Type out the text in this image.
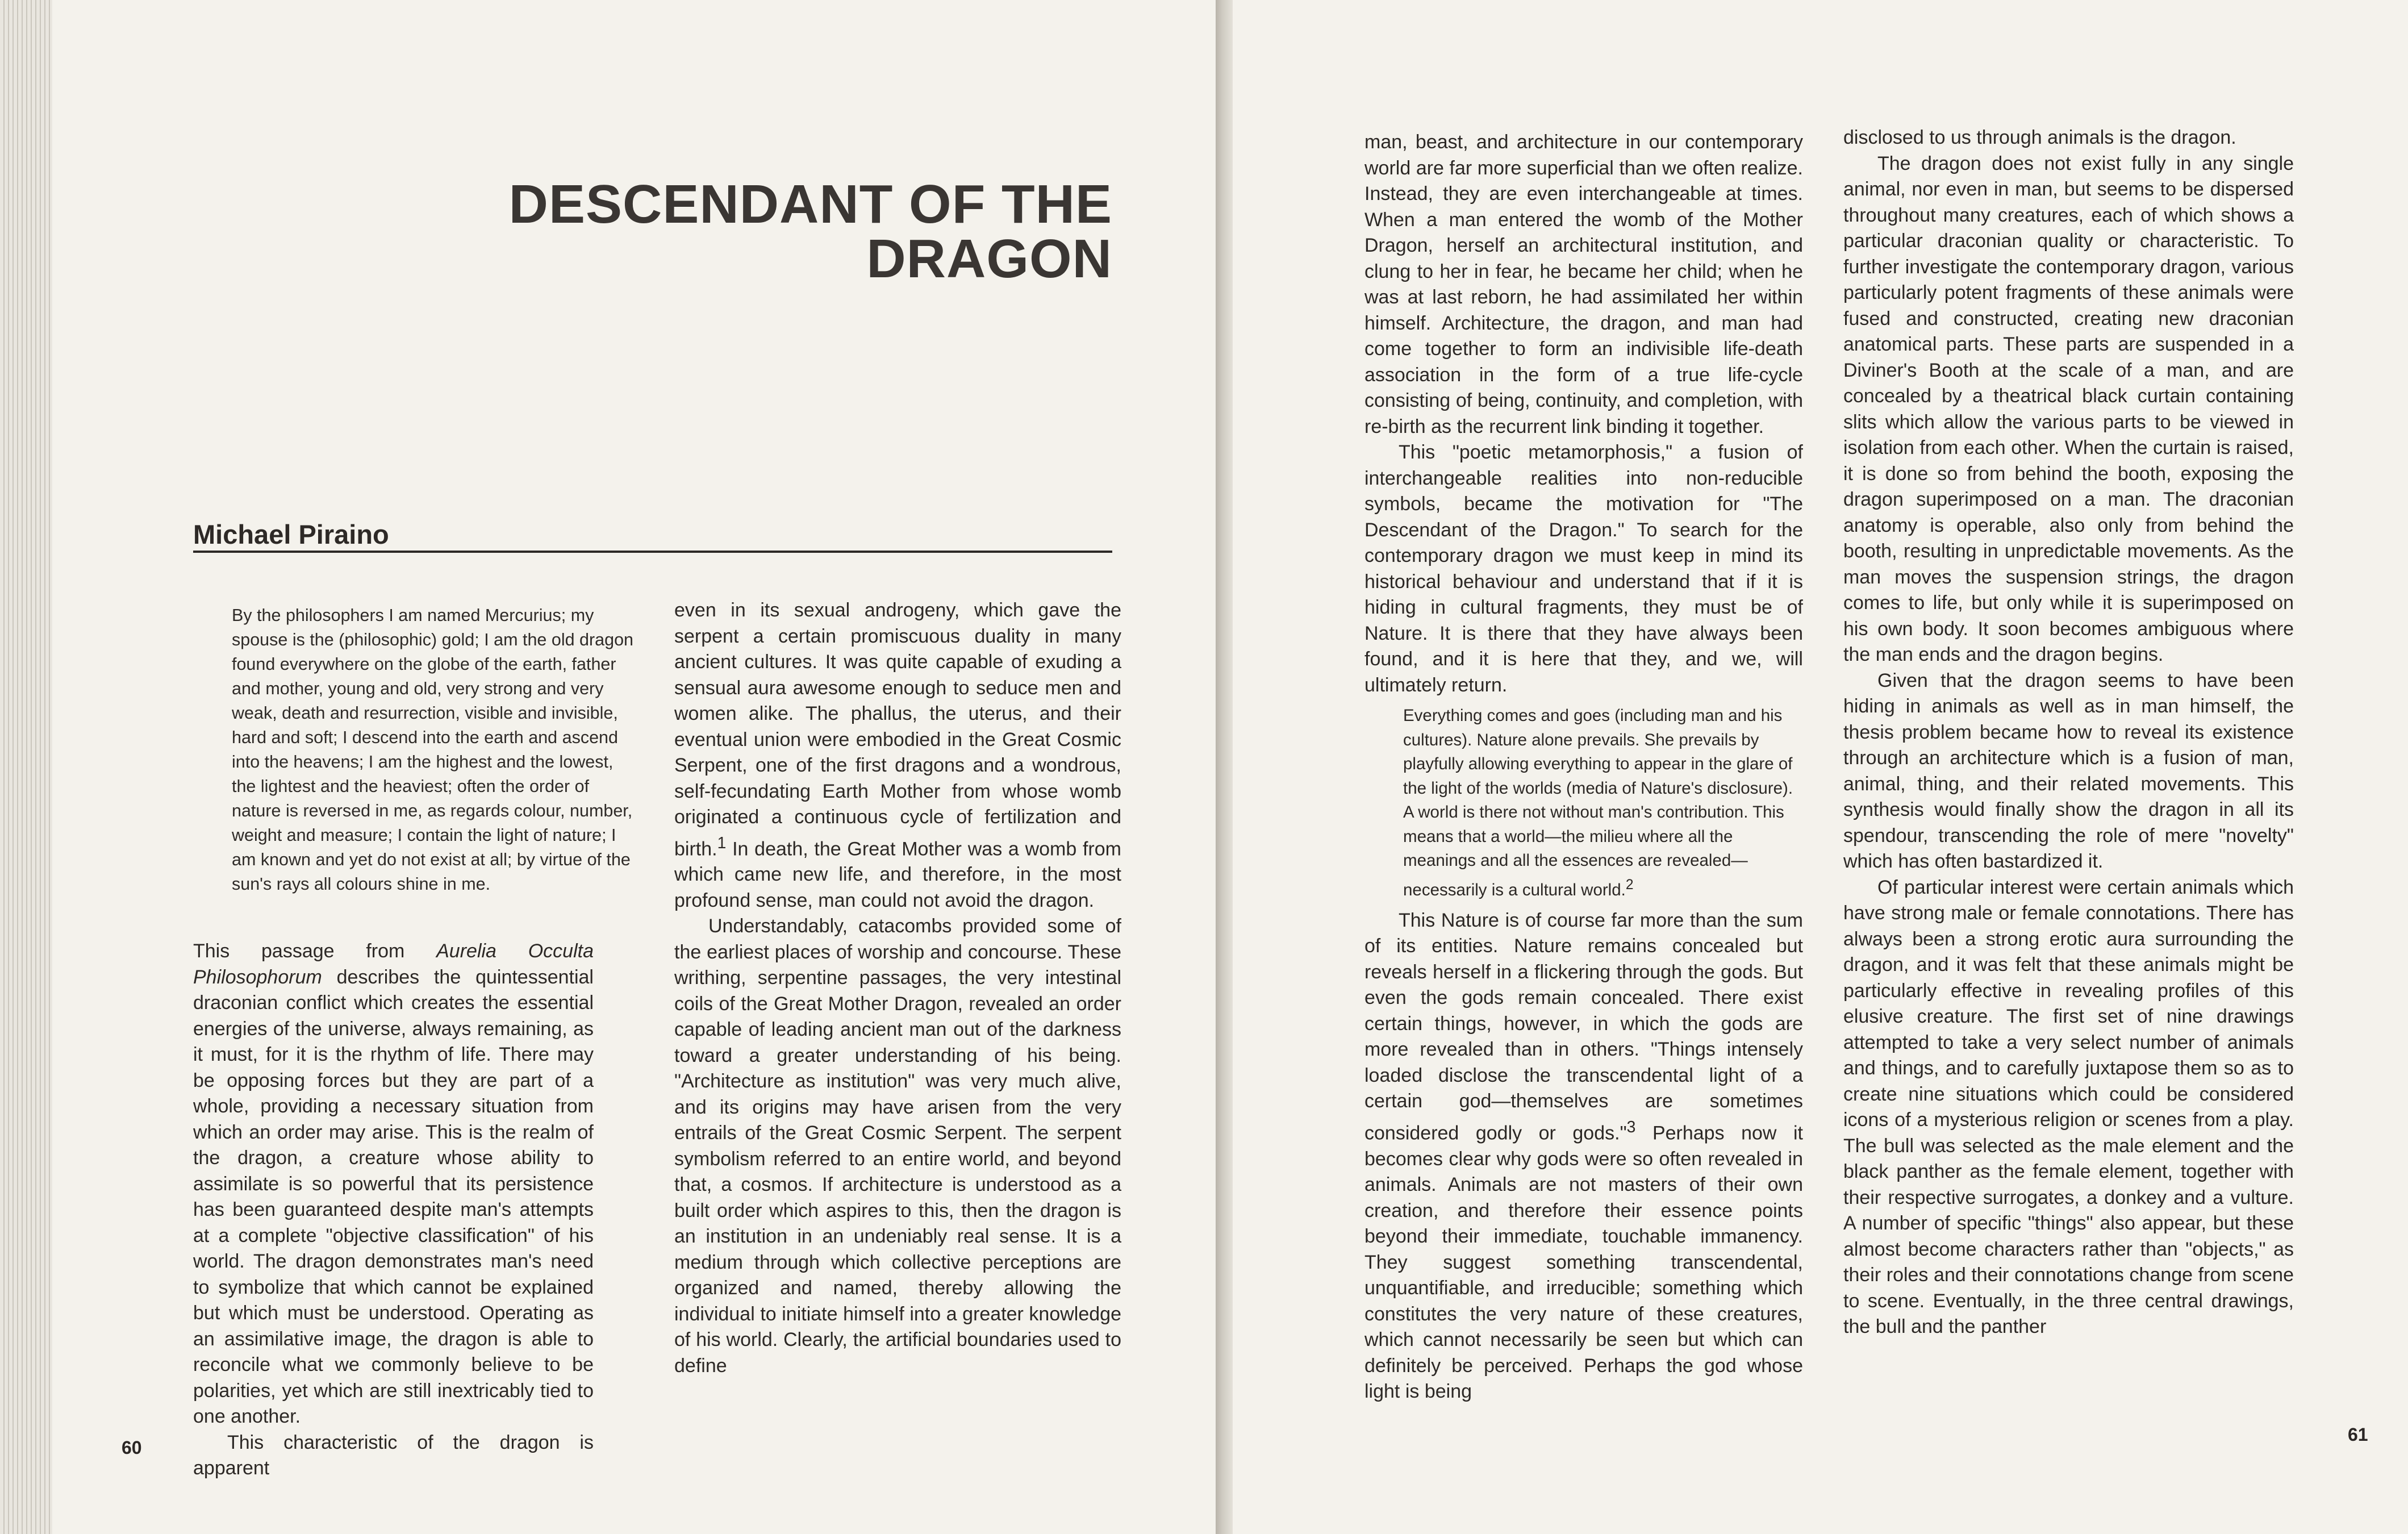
DESCENDANT OF THE
DRAGON
Michael Piraino
By the philosophers I am named Mercurius; my spouse is the (philosophic) gold; I am the old dragon found everywhere on the globe of the earth, father and mother, young and old, very strong and very weak, death and resurrection, visible and invisible, hard and soft; I descend into the earth and ascend into the heavens; I am the highest and the lowest, the lightest and the heaviest; often the order of nature is reversed in me, as regards colour, number, weight and measure; I contain the light of nature; I am known and yet do not exist at all; by virtue of the sun's rays all colours shine in me.

This passage from Aurelia Occulta Philosophorum describes the quintessential draconian conflict which creates the essential energies of the universe, always remaining, as it must, for it is the rhythm of life. There may be opposing forces but they are part of a whole, providing a necessary situation from which an order may arise. This is the realm of the dragon, a creature whose ability to assimilate is so powerful that its persistence has been guaranteed despite man's attempts at a complete "objective classification" of his world. The dragon demonstrates man's need to symbolize that which cannot be explained but which must be understood. Operating as an assimilative image, the dragon is able to reconcile what we commonly believe to be polarities, yet which are still inextricably tied to one another.

This characteristic of the dragon is apparent

even in its sexual androgeny, which gave the serpent a certain promiscuous duality in many ancient cultures. It was quite capable of exuding a sensual aura awesome enough to seduce men and women alike. The phallus, the uterus, and their eventual union were embodied in the Great Cosmic Serpent, one of the first dragons and a wondrous, self-fecundating Earth Mother from whose womb originated a continuous cycle of fertilization and birth.$^1$ In death, the Great Mother was a womb from which came new life, and therefore, in the most profound sense, man could not avoid the dragon.

Understandably, catacombs provided some of the earliest places of worship and concourse. These writhing, serpentine passages, the very intestinal coils of the Great Mother Dragon, revealed an order capable of leading ancient man out of the darkness toward a greater understanding of his being. "Architecture as institution" was very much alive, and its origins may have arisen from the very entrails of the Great Cosmic Serpent. The serpent symbolism referred to an entire world, and beyond that, a cosmos. If architecture is understood as a built order which aspires to this, then the dragon is an institution in an undeniably real sense. It is a medium through which collective perceptions are organized and named, thereby allowing the individual to initiate himself into a greater knowledge of his world. Clearly, the artificial boundaries used to define

60

man, beast, and architecture in our contemporary world are far more superficial than we often realize. Instead, they are even interchangeable at times. When a man entered the womb of the Mother Dragon, herself an architectural institution, and clung to her in fear, he became her child; when he was at last reborn, he had assimilated her within himself. Architecture, the dragon, and man had come together to form an indivisible life-death association in the form of a true life-cycle consisting of being, continuity, and completion, with re-birth as the recurrent link binding it together.

This "poetic metamorphosis," a fusion of interchangeable realities into non-reducible symbols, became the motivation for "The Descendant of the Dragon." To search for the contemporary dragon we must keep in mind its historical behaviour and understand that if it is hiding in cultural fragments, they must be of Nature. It is there that they have always been found, and it is here that they, and we, will ultimately return.

Everything comes and goes (including man and his cultures). Nature alone prevails. She prevails by playfully allowing everything to appear in the glare of the light of the worlds (media of Nature's disclosure). A world is there not without man's contribution. This means that a world—the milieu where all the meanings and all the essences are revealed—necessarily is a cultural world.$^2$

This Nature is of course far more than the sum of its entities. Nature remains concealed but reveals herself in a flickering through the gods. But even the gods remain concealed. There exist certain things, however, in which the gods are more revealed than in others. "Things intensely loaded disclose the transcendental light of a certain god—themselves are sometimes considered godly or gods."$^3$ Perhaps now it becomes clear why gods were so often revealed in animals. Animals are not masters of their own creation, and therefore their essence points beyond their immediate, touchable immanency. They suggest something transcendental, unquantifiable, and irreducible; something which constitutes the very nature of these creatures, which cannot necessarily be seen but which can definitely be perceived. Perhaps the god whose light is being

disclosed to us through animals is the dragon.

The dragon does not exist fully in any single animal, nor even in man, but seems to be dispersed throughout many creatures, each of which shows a particular draconian quality or characteristic. To further investigate the contemporary dragon, various particularly potent fragments of these animals were fused and constructed, creating new draconian anatomical parts. These parts are suspended in a Diviner's Booth at the scale of a man, and are concealed by a theatrical black curtain containing slits which allow the various parts to be viewed in isolation from each other. When the curtain is raised, it is done so from behind the booth, exposing the dragon superimposed on a man. The draconian anatomy is operable, also only from behind the booth, resulting in unpredictable movements. As the man moves the suspension strings, the dragon comes to life, but only while it is superimposed on his own body. It soon becomes ambiguous where the man ends and the dragon begins.

Given that the dragon seems to have been hiding in animals as well as in man himself, the thesis problem became how to reveal its existence through an architecture which is a fusion of man, animal, thing, and their related movements. This synthesis would finally show the dragon in all its spendour, transcending the role of mere "novelty" which has often bastardized it.

Of particular interest were certain animals which have strong male or female connotations. There has always been a strong erotic aura surrounding the dragon, and it was felt that these animals might be particularly effective in revealing profiles of this elusive creature. The first set of nine drawings attempted to take a very select number of animals and things, and to carefully juxtapose them so as to create nine situations which could be considered icons of a mysterious religion or scenes from a play. The bull was selected as the male element and the black panther as the female element, together with their respective surrogates, a donkey and a vulture. A number of specific "things" also appear, but these almost become characters rather than "objects," as their roles and their connotations change from scene to scene. Eventually, in the three central drawings, the bull and the panther

61
